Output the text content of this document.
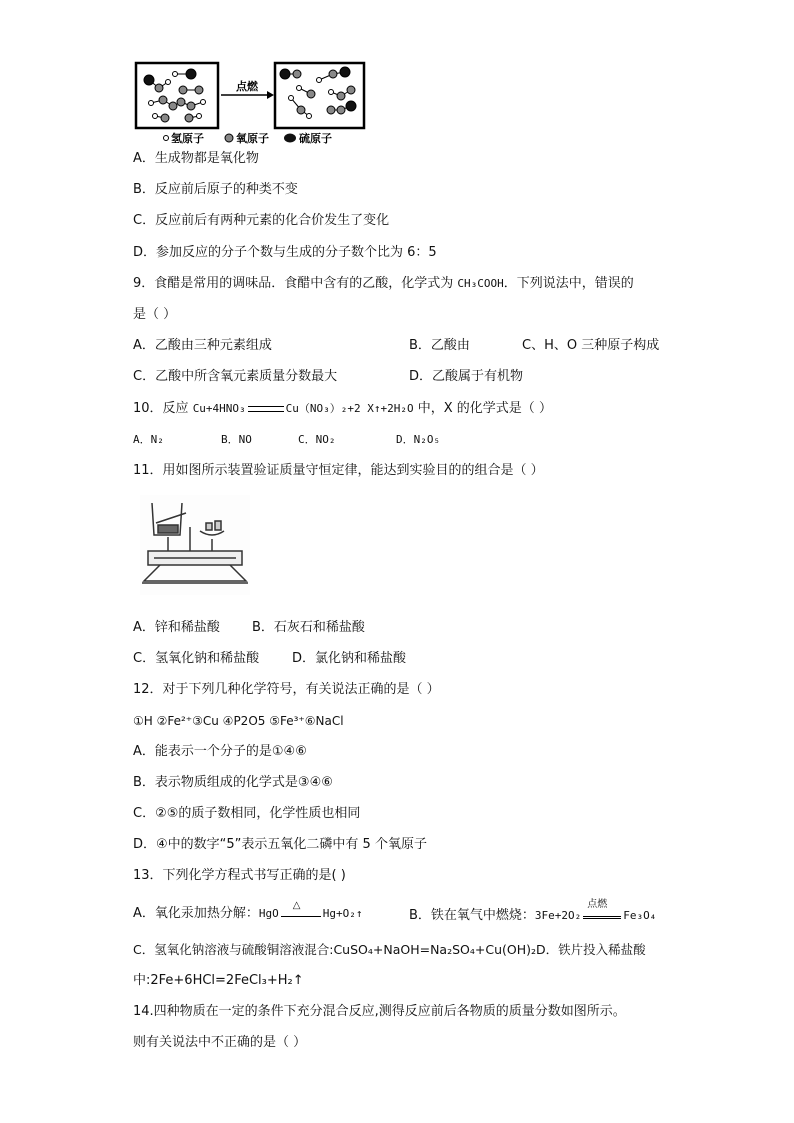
点燃
氢原子	氧原子	硫原子
A．生成物都是氧化物
B．反应前后原子的种类不变
C．反应前后有两种元素的化合价发生了变化
D．参加反应的分子个数与生成的分子数个比为 6：5
9．食醋是常用的调味品．食醋中含有的乙酸，化学式为 CH₃COOH．下列说法中，错误的
是（ ）
A．乙酸由三种元素组成	B．乙酸由	C、H、O 三种原子构成
C．乙酸中所含氧元素质量分数最大	D．乙酸属于有机物
10．反应 Cu+4HNO₃	Cu（NO₃）₂+2 X↑+2H₂O 中，X 的化学式是（ ）
A．N₂	B．NO	C．NO₂	D．N₂O₅
11．用如图所示装置验证质量守恒定律，能达到实验目的的组合是（ ）
A．锌和稀盐酸 B．石灰石和稀盐酸
C．氢氧化钠和稀盐酸	D．氯化钠和稀盐酸
12．对于下列几种化学符号，有关说法正确的是（ ）
①H ②Fe²⁺③Cu ④P2O5 ⑤Fe³⁺⑥NaCl
A．能表示一个分子的是①④⑥
B．表示物质组成的化学式是③④⑥
C．②⑤的质子数相同，化学性质也相同
D．④中的数字“5”表示五氧化二磷中有 5 个氧原子
13．下列化学方程式书写正确的是( )
A．氧化汞加热分解：HgO
△
Hg+O₂↑	B．铁在氧气中燃烧：3Fe+2O₂
点燃
Fe₃O₄
C．氢氧化钠溶液与硫酸铜溶液混合:CuSO₄+NaOH=Na₂SO₄+Cu(OH)₂D．铁片投入稀盐酸
中:2Fe+6HCl=2FeCl₃+H₂↑
14.四种物质在一定的条件下充分混合反应,测得反应前后各物质的质量分数如图所示。
则有关说法中不正确的是（ ）
